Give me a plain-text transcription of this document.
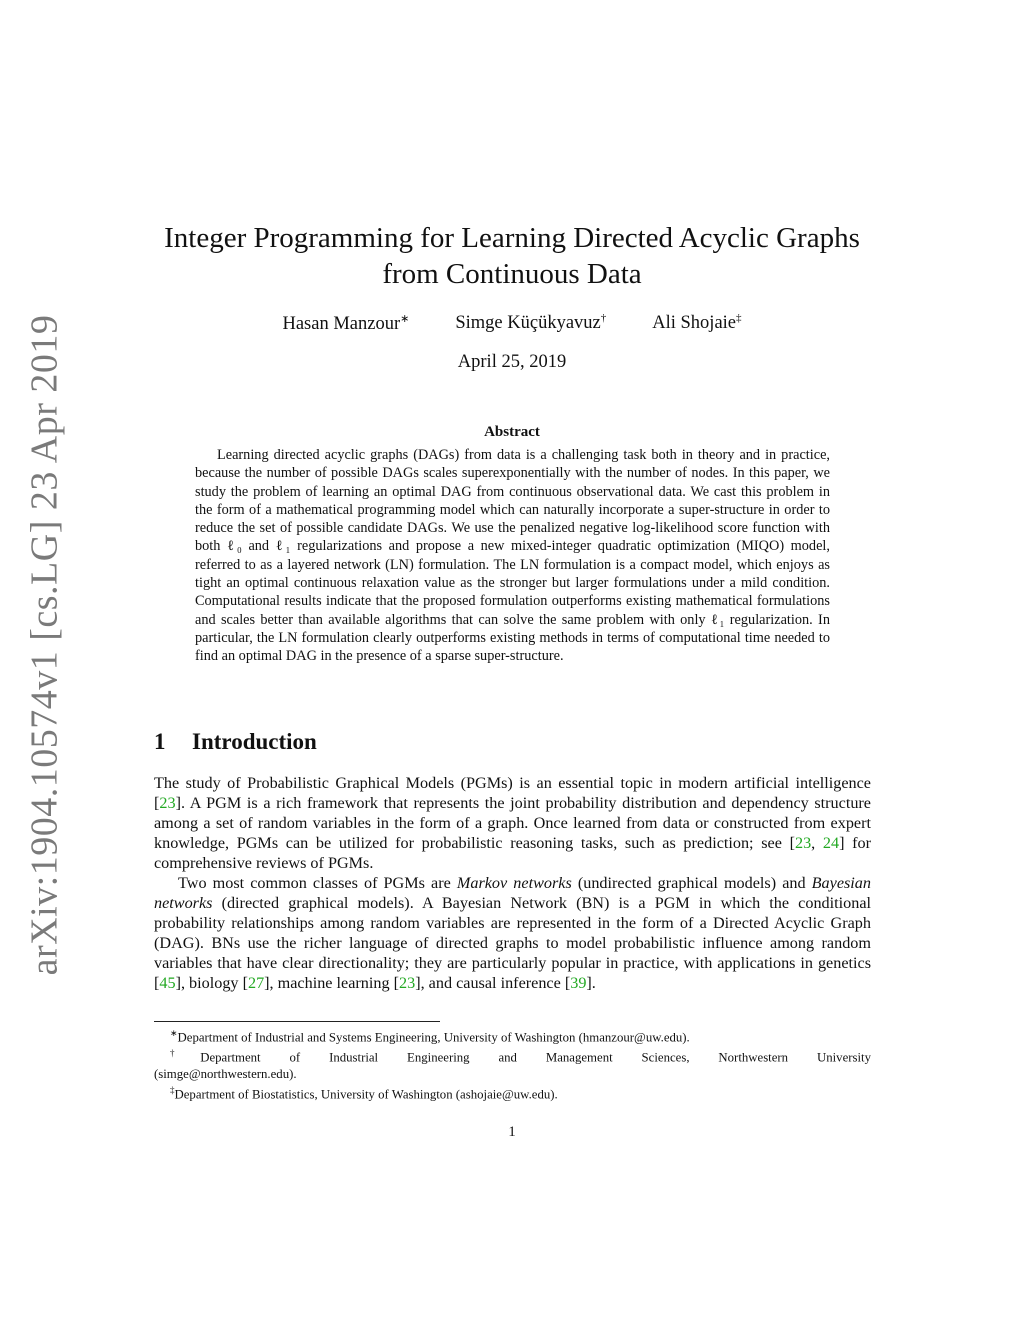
arXiv:1904.10574v1 [cs.LG] 23 Apr 2019
Integer Programming for Learning Directed Acyclic Graphs
from Continuous Data
Hasan Manzour∗ Simge Küçükyavuz† Ali Shojaie‡
April 25, 2019
Abstract

Learning directed acyclic graphs (DAGs) from data is a challenging task both in theory and in practice, because the number of possible DAGs scales superexponentially with the number of nodes. In this paper, we study the problem of learning an optimal DAG from continuous observational data. We cast this problem in the form of a mathematical programming model which can naturally incorporate a super-structure in order to reduce the set of possible candidate DAGs. We use the penalized negative log-likelihood score function with both ℓ₀ and ℓ₁ regularizations and propose a new mixed-integer quadratic optimization (MIQO) model, referred to as a layered network (LN) formulation. The LN formulation is a compact model, which enjoys as tight an optimal continuous relaxation value as the stronger but larger formulations under a mild condition. Computational results indicate that the proposed formulation outperforms existing mathematical formulations and scales better than available algorithms that can solve the same problem with only ℓ₁ regularization. In particular, the LN formulation clearly outperforms existing methods in terms of computational time needed to find an optimal DAG in the presence of a sparse super-structure.

1 Introduction

The study of Probabilistic Graphical Models (PGMs) is an essential topic in modern artificial intelligence [23]. A PGM is a rich framework that represents the joint probability distribution and dependency structure among a set of random variables in the form of a graph. Once learned from data or constructed from expert knowledge, PGMs can be utilized for probabilistic reasoning tasks, such as prediction; see [23, 24] for comprehensive reviews of PGMs.

Two most common classes of PGMs are Markov networks (undirected graphical models) and Bayesian networks (directed graphical models). A Bayesian Network (BN) is a PGM in which the conditional probability relationships among random variables are represented in the form of a Directed Acyclic Graph (DAG). BNs use the richer language of directed graphs to model probabilistic influence among random variables that have clear directionality; they are particularly popular in practice, with applications in genetics [45], biology [27], machine learning [23], and causal inference [39].

∗Department of Industrial and Systems Engineering, University of Washington (hmanzour@uw.edu).

†Department of Industrial Engineering and Management Sciences, Northwestern University

(simge@northwestern.edu).

‡Department of Biostatistics, University of Washington (ashojaie@uw.edu).

1
